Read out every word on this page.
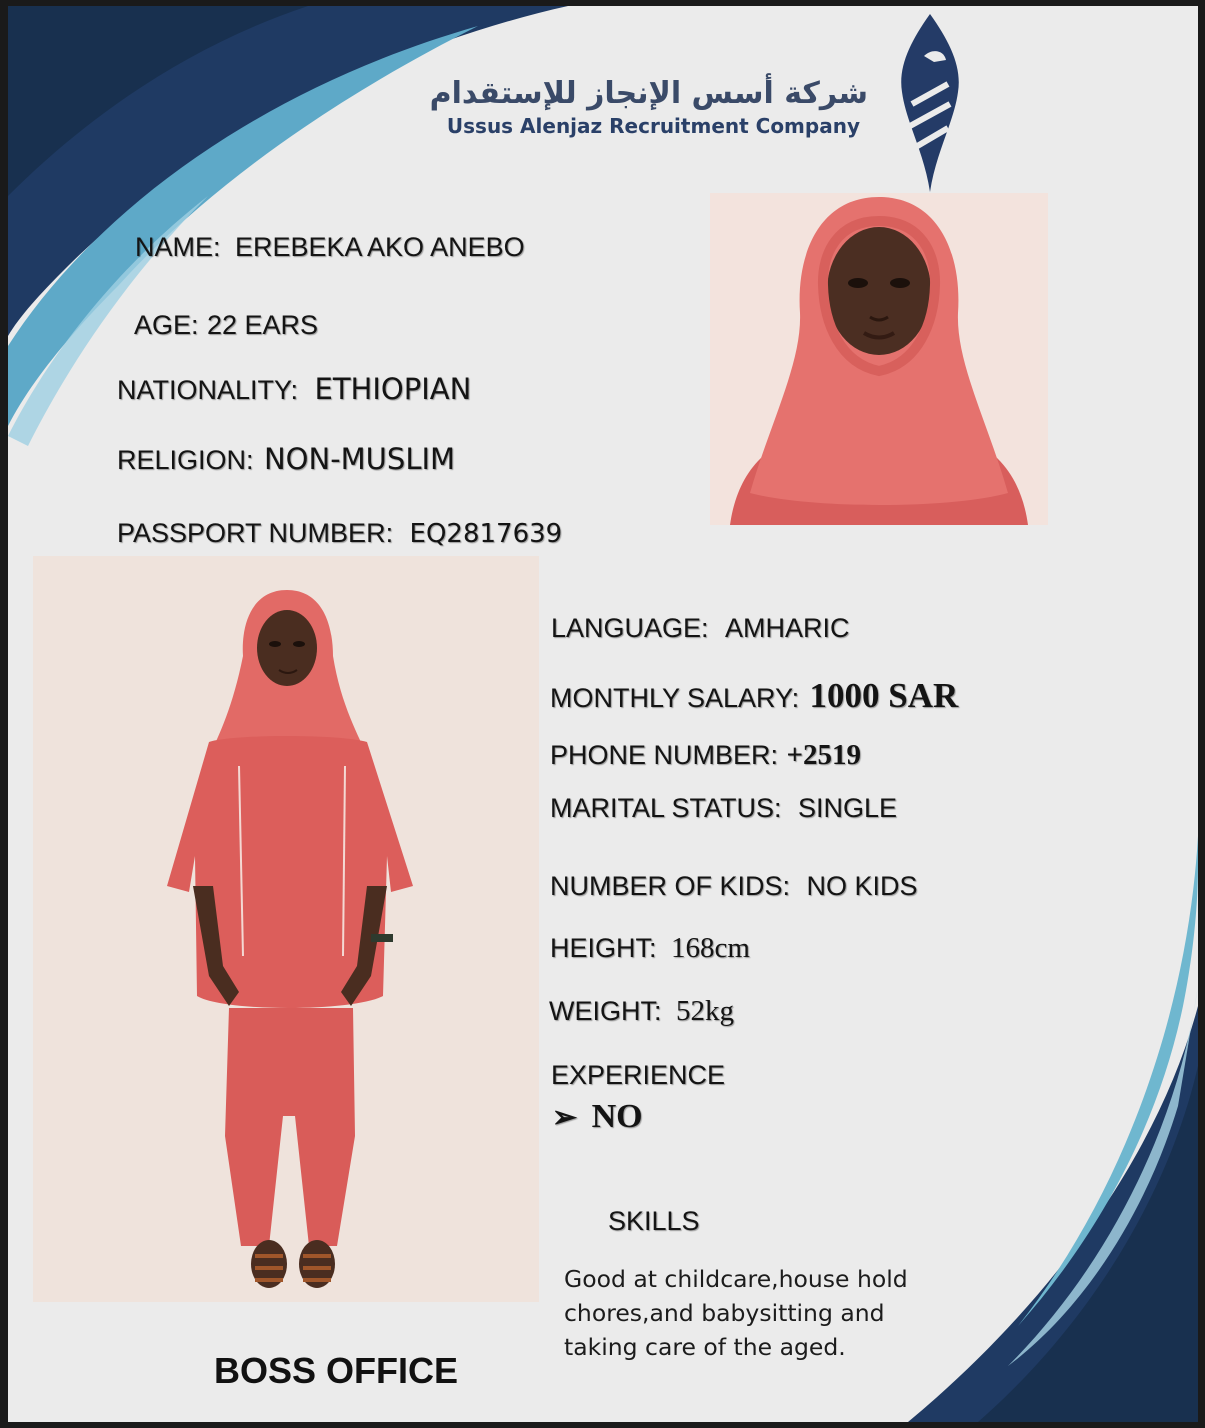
شركة أسس الإنجاز للإستقدام
Ussus Alenjaz Recruitment Company
NAME: EREBEKA AKO ANEBO
AGE: 22 EARS
NATIONALITY: ETHIOPIAN
RELIGION: NON-MUSLIM
PASSPORT NUMBER: EQ2817639
LANGUAGE: AMHARIC
MONTHLY SALARY: 1000 SAR
PHONE NUMBER: +2519
MARITAL STATUS: SINGLE
NUMBER OF KIDS: NO KIDS
HEIGHT: 168cm
WEIGHT: 52kg
EXPERIENCE
➢ NO
SKILLS
Good at childcare,house hold chores,and babysitting and taking care of the aged.
BOSS OFFICE
